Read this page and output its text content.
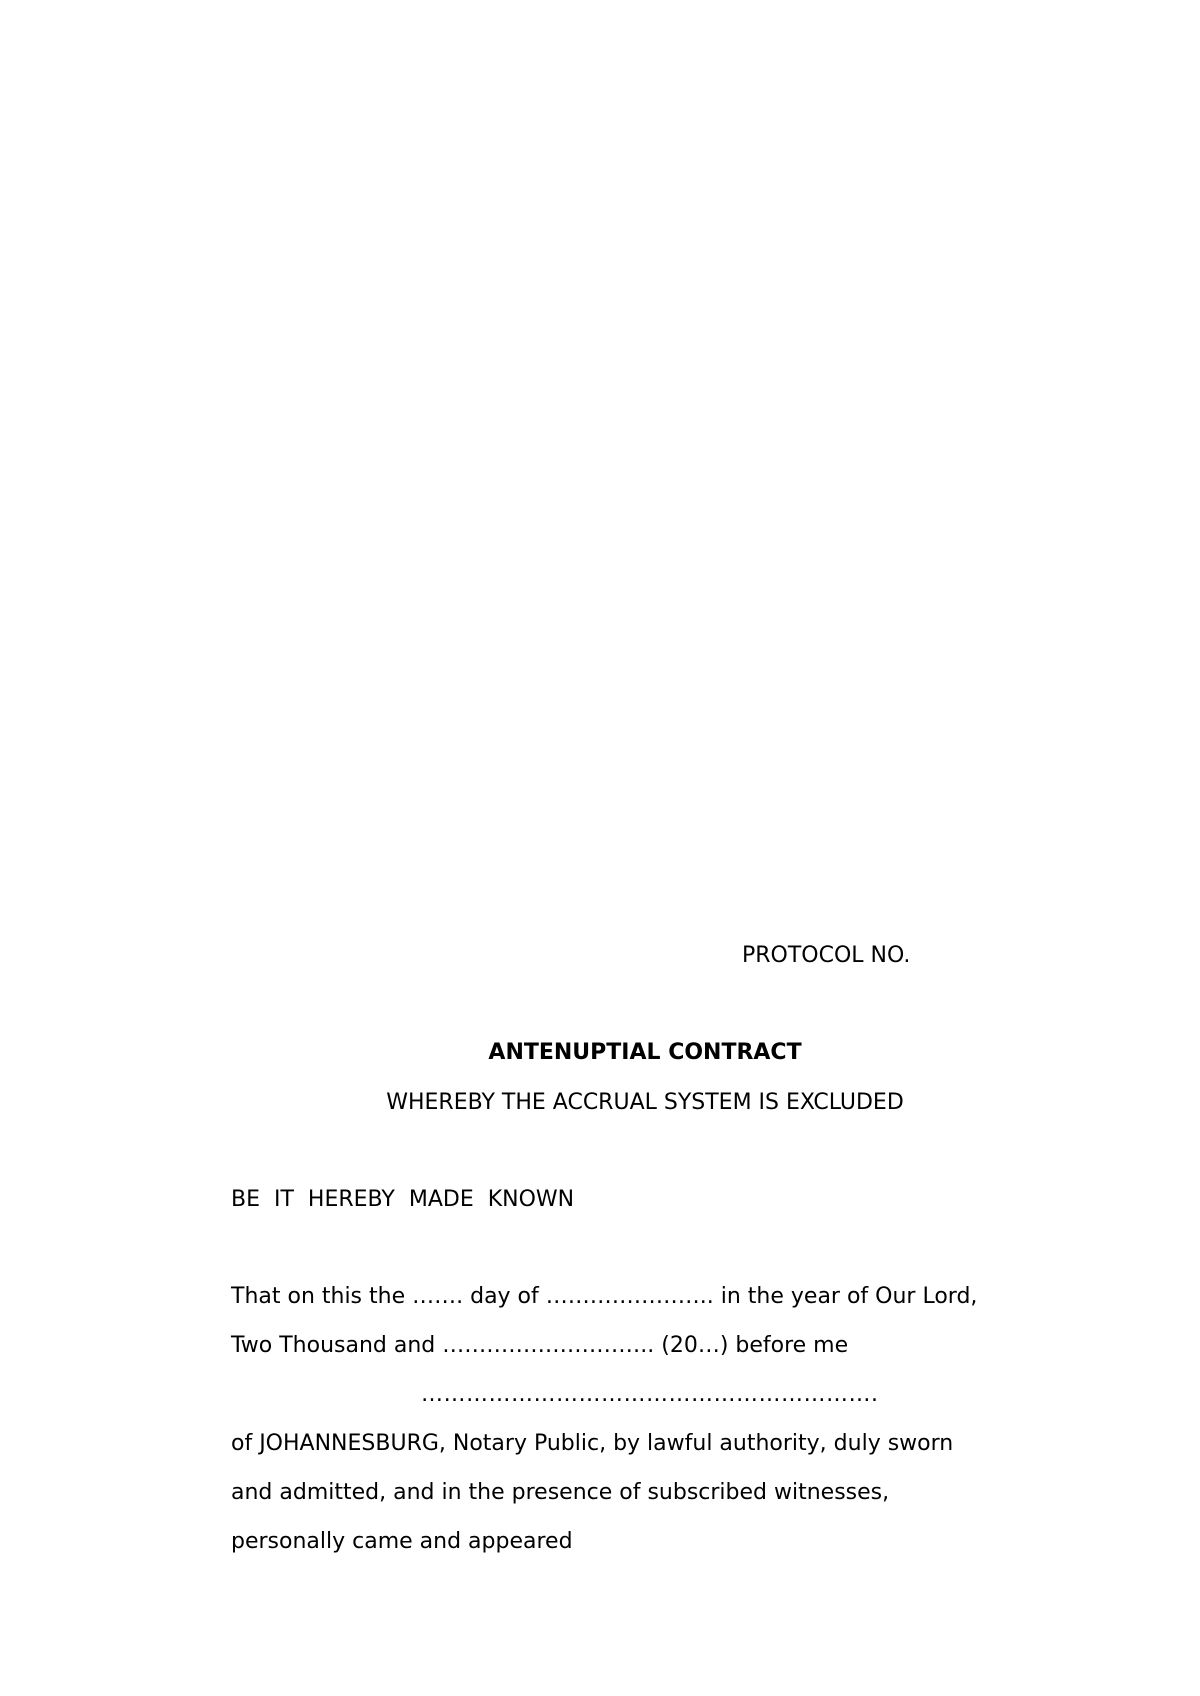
PROTOCOL NO.
ANTENUPTIAL CONTRACT
WHEREBY THE ACCRUAL SYSTEM IS EXCLUDED
BE IT HEREBY MADE KNOWN
That on this the ……. day of ………………….. in the year of Our Lord,
Two Thousand and ……………………….. (20…) before me
…………………………………………………….
of JOHANNESBURG, Notary Public, by lawful authority, duly sworn
and admitted, and in the presence of subscribed witnesses,
personally came and appeared
